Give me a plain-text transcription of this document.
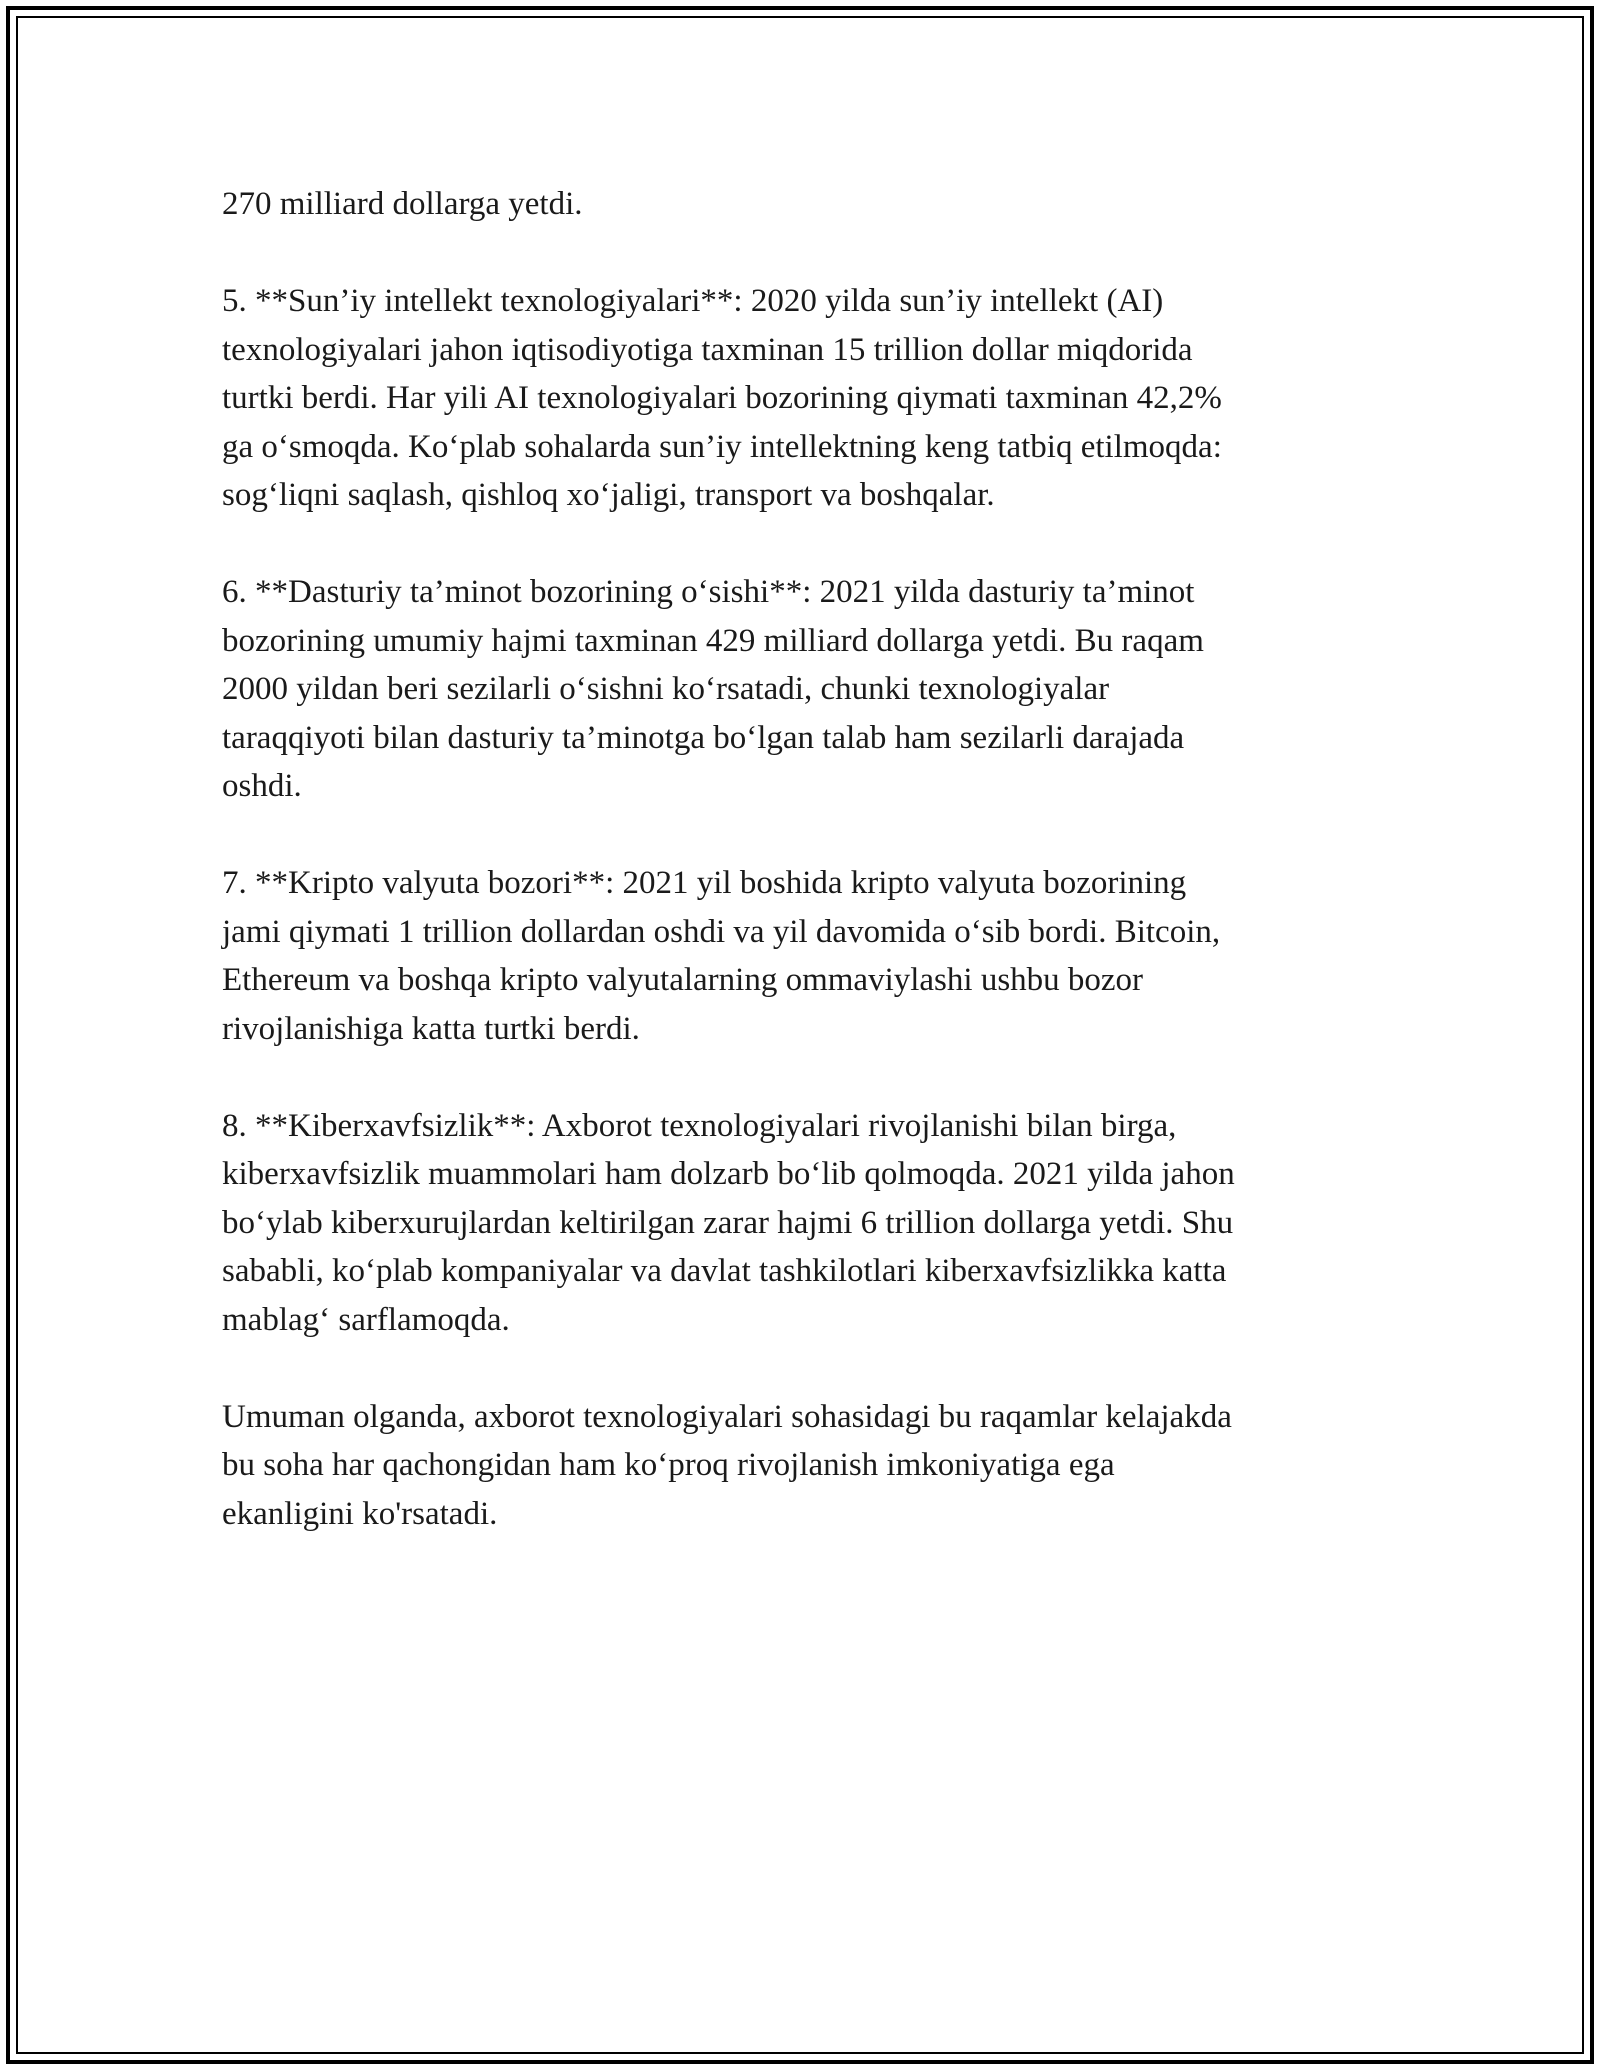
270 milliard dollarga yetdi.

5. **Sun’iy intellekt texnologiyalari**: 2020 yilda sun’iy intellekt (AI)
texnologiyalari jahon iqtisodiyotiga taxminan 15 trillion dollar miqdorida
turtki berdi. Har yili AI texnologiyalari bozorining qiymati taxminan 42,2%
ga oʻsmoqda. Koʻplab sohalarda sun’iy intellektning keng tatbiq etilmoqda:
sogʻliqni saqlash, qishloq xoʻjaligi, transport va boshqalar.

6. **Dasturiy ta’minot bozorining oʻsishi**: 2021 yilda dasturiy ta’minot
bozorining umumiy hajmi taxminan 429 milliard dollarga yetdi. Bu raqam
2000 yildan beri sezilarli oʻsishni koʻrsatadi, chunki texnologiyalar
taraqqiyoti bilan dasturiy ta’minotga boʻlgan talab ham sezilarli darajada
oshdi.

7. **Kripto valyuta bozori**: 2021 yil boshida kripto valyuta bozorining
jami qiymati 1 trillion dollardan oshdi va yil davomida oʻsib bordi. Bitcoin,
Ethereum va boshqa kripto valyutalarning ommaviylashi ushbu bozor
rivojlanishiga katta turtki berdi.

8. **Kiberxavfsizlik**: Axborot texnologiyalari rivojlanishi bilan birga,
kiberxavfsizlik muammolari ham dolzarb boʻlib qolmoqda. 2021 yilda jahon
boʻylab kiberxurujlardan keltirilgan zarar hajmi 6 trillion dollarga yetdi. Shu
sababli, koʻplab kompaniyalar va davlat tashkilotlari kiberxavfsizlikka katta
mablagʻ sarflamoqda.

Umuman olganda, axborot texnologiyalari sohasidagi bu raqamlar kelajakda
bu soha har qachongidan ham koʻproq rivojlanish imkoniyatiga ega
ekanligini ko'rsatadi.
